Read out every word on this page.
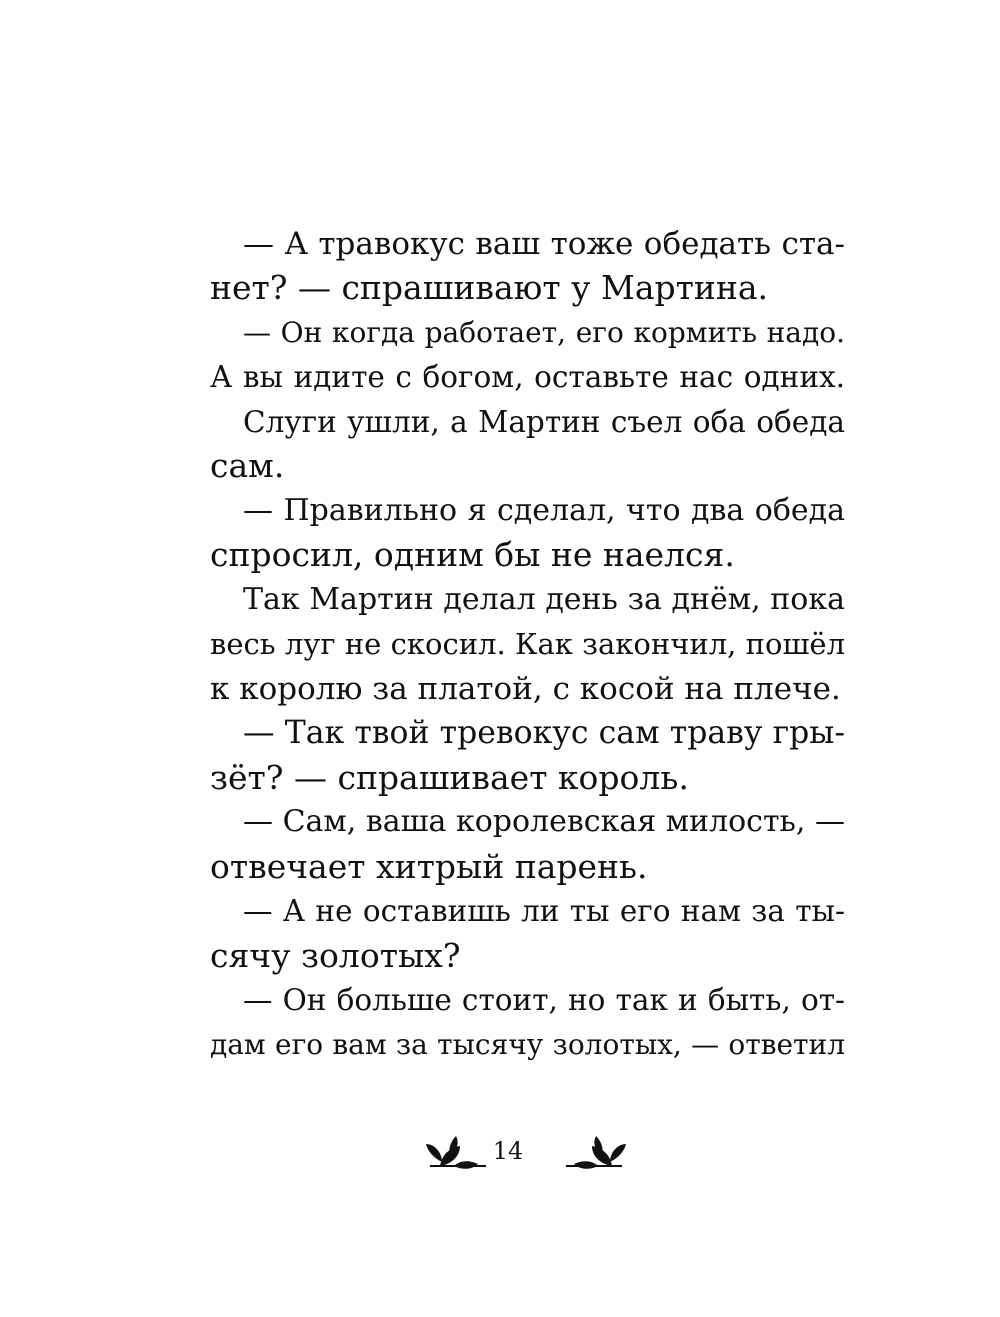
— А травокус ваш тоже обедать ста-
нет? — спрашивают у Мартина.
— Он когда работает, его кормить надо.
А вы идите с богом, оставьте нас одних.
Слуги ушли, а Мартин съел оба обеда
сам.
— Правильно я сделал, что два обеда
спросил, одним бы не наелся.
Так Мартин делал день за днём, пока
весь луг не скосил. Как закончил, пошёл
к королю за платой, с косой на плече.
— Так твой тревокус сам траву гры-
зёт? — спрашивает король.
— Сам, ваша королевская милость, —
отвечает хитрый парень.
— А не оставишь ли ты его нам за ты-
сячу золотых?
— Он больше стоит, но так и быть, от-
дам его вам за тысячу золотых, — ответил
14
